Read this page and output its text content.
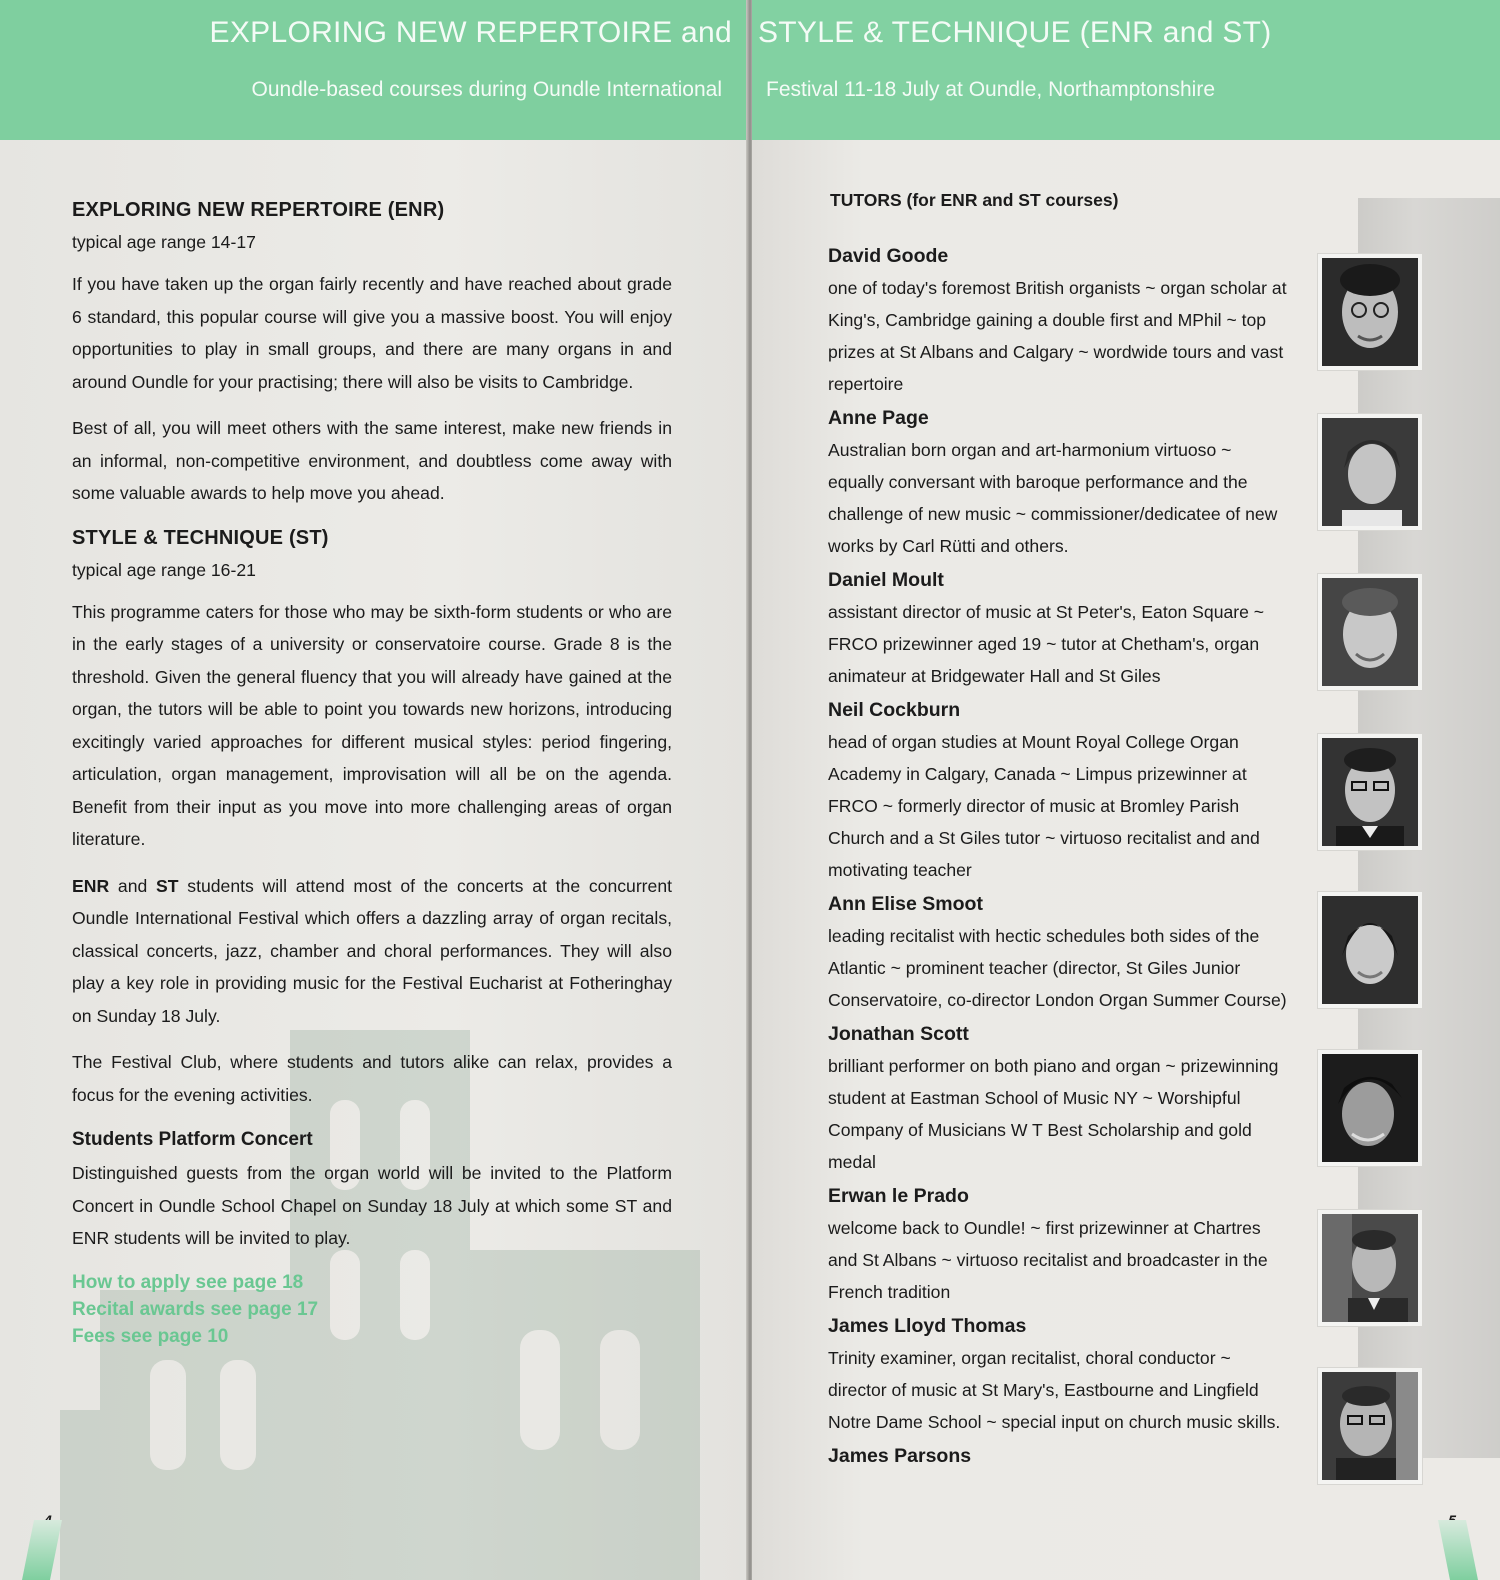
EXPLORING NEW REPERTOIRE and
Oundle-based courses during Oundle International
EXPLORING NEW REPERTOIRE (ENR)
typical age range 14-17

If you have taken up the organ fairly recently and have reached about grade 6 standard, this popular course will give you a massive boost. You will enjoy opportunities to play in small groups, and there are many organs in and around Oundle for your practising; there will also be visits to Cambridge.

Best of all, you will meet others with the same interest, make new friends in an informal, non-competitive environment, and doubtless come away with some valuable awards to help move you ahead.

STYLE & TECHNIQUE (ST)
typical age range 16-21

This programme caters for those who may be sixth-form students or who are in the early stages of a university or conservatoire course. Grade 8 is the threshold. Given the general fluency that you will already have gained at the organ, the tutors will be able to point you towards new horizons, introducing excitingly varied approaches for different musical styles: period fingering, articulation, organ management, improvisation will all be on the agenda. Benefit from their input as you move into more challenging areas of organ literature.

ENR and ST students will attend most of the concerts at the concurrent Oundle International Festival which offers a dazzling array of organ recitals, classical concerts, jazz, chamber and choral performances. They will also play a key role in providing music for the Festival Eucharist at Fotheringhay on Sunday 18 July.

The Festival Club, where students and tutors alike can relax, provides a focus for the evening activities.

Students Platform Concert

Distinguished guests from the organ world will be invited to the Platform Concert in Oundle School Chapel on Sunday 18 July at which some ST and ENR students will be invited to play.

How to apply see page 18
Recital awards see page 17
Fees see page 10
STYLE & TECHNIQUE (ENR and ST)
Festival 11-18 July at Oundle, Northamptonshire
TUTORS (for ENR and ST courses)
David Goode
one of today's foremost British organists ~ organ scholar at King's, Cambridge gaining a double first and MPhil ~ top prizes at St Albans and Calgary ~ wordwide tours and vast repertoire
Anne Page
Australian born organ and art-harmonium virtuoso ~ equally conversant with baroque performance and the challenge of new music ~ commissioner/dedicatee of new works by Carl Rütti and others.
Daniel Moult
assistant director of music at St Peter's, Eaton Square ~ FRCO prizewinner aged 19 ~ tutor at Chetham's, organ animateur at Bridgewater Hall and St Giles
Neil Cockburn
head of organ studies at Mount Royal College Organ Academy in Calgary, Canada ~ Limpus prizewinner at FRCO ~ formerly director of music at Bromley Parish Church and a St Giles tutor ~ virtuoso recitalist and and motivating teacher
Ann Elise Smoot
leading recitalist with hectic schedules both sides of the Atlantic ~ prominent teacher (director, St Giles Junior Conservatoire, co-director London Organ Summer Course)
Jonathan Scott
brilliant performer on both piano and organ ~ prizewinning student at Eastman School of Music NY ~ Worshipful Company of Musicians W T Best Scholarship and gold medal
Erwan le Prado
welcome back to Oundle! ~ first prizewinner at Chartres and St Albans ~ virtuoso recitalist and broadcaster in the French tradition
James Lloyd Thomas
Trinity examiner, organ recitalist, choral conductor ~ director of music at St Mary's, Eastbourne and Lingfield Notre Dame School ~ special input on church music skills.
James Parsons
